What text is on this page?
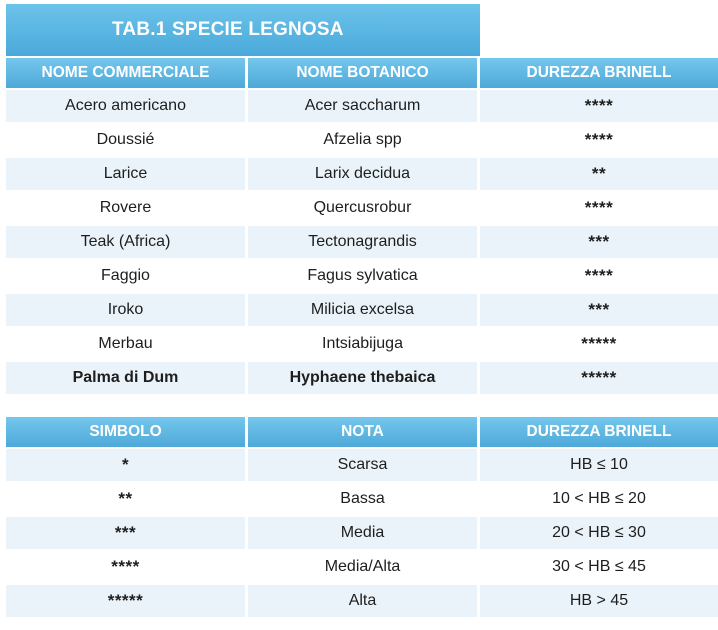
TAB.1 SPECIE LEGNOSA
NOME COMMERCIALE	NOME BOTANICO	DUREZZA BRINELL
Acero americano	Acer saccharum	****
Doussié	Afzelia spp	****
Larice	Larix decidua	**
Rovere	Quercusrobur	****
Teak (Africa)	Tectonagrandis	***
Faggio	Fagus sylvatica	****
Iroko	Milicia excelsa	***
Merbau	Intsiabijuga	*****
Palma di Dum	Hyphaene thebaica	*****
SIMBOLO	NOTA	DUREZZA BRINELL
*	Scarsa	HB ≤ 10
**	Bassa	10 < HB ≤ 20
***	Media	20 < HB ≤ 30
****	Media/Alta	30 < HB ≤ 45
*****	Alta	HB > 45
